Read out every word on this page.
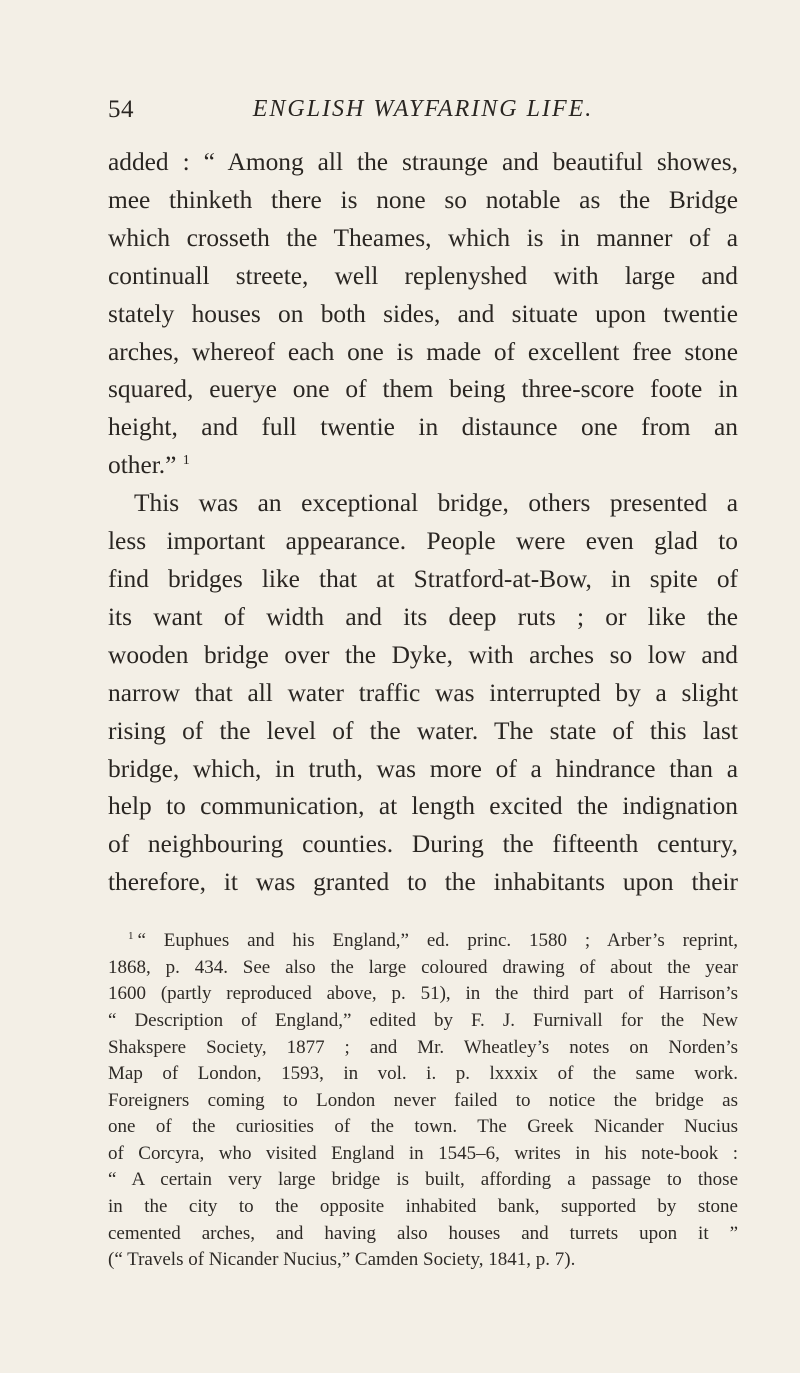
54	ENGLISH WAYFARING LIFE.

added : “ Among all the straunge and beautiful showes,

mee thinketh there is none so notable as the Bridge

which crosseth the Theames, which is in manner of a

continuall streete, well replenyshed with large and

stately houses on both sides, and situate upon twentie

arches, whereof each one is made of excellent free stone

squared, euerye one of them being three-score foote in

height, and full twentie in distaunce one from an

other.” $^1$

This was an exceptional bridge, others presented a

less important appearance. People were even glad to

find bridges like that at Stratford-at-Bow, in spite of

its want of width and its deep ruts ; or like the

wooden bridge over the Dyke, with arches so low and

narrow that all water traffic was interrupted by a slight

rising of the level of the water. The state of this last

bridge, which, in truth, was more of a hindrance than a

help to communication, at length excited the indignation

of neighbouring counties. During the fifteenth century,

therefore, it was granted to the inhabitants upon their

$^1$ “ Euphues and his England,” ed. princ. 1580 ; Arber’s reprint,

1868, p. 434. See also the large coloured drawing of about the year

1600 (partly reproduced above, p. 51), in the third part of Harrison’s

“ Description of England,” edited by F. J. Furnivall for the New

Shakspere Society, 1877 ; and Mr. Wheatley’s notes on Norden’s

Map of London, 1593, in vol. i. p. lxxxix of the same work.

Foreigners coming to London never failed to notice the bridge as

one of the curiosities of the town. The Greek Nicander Nucius

of Corcyra, who visited England in 1545–6, writes in his note-book :

“ A certain very large bridge is built, affording a passage to those

in the city to the opposite inhabited bank, supported by stone

cemented arches, and having also houses and turrets upon it ”

(“ Travels of Nicander Nucius,” Camden Society, 1841, p. 7).
